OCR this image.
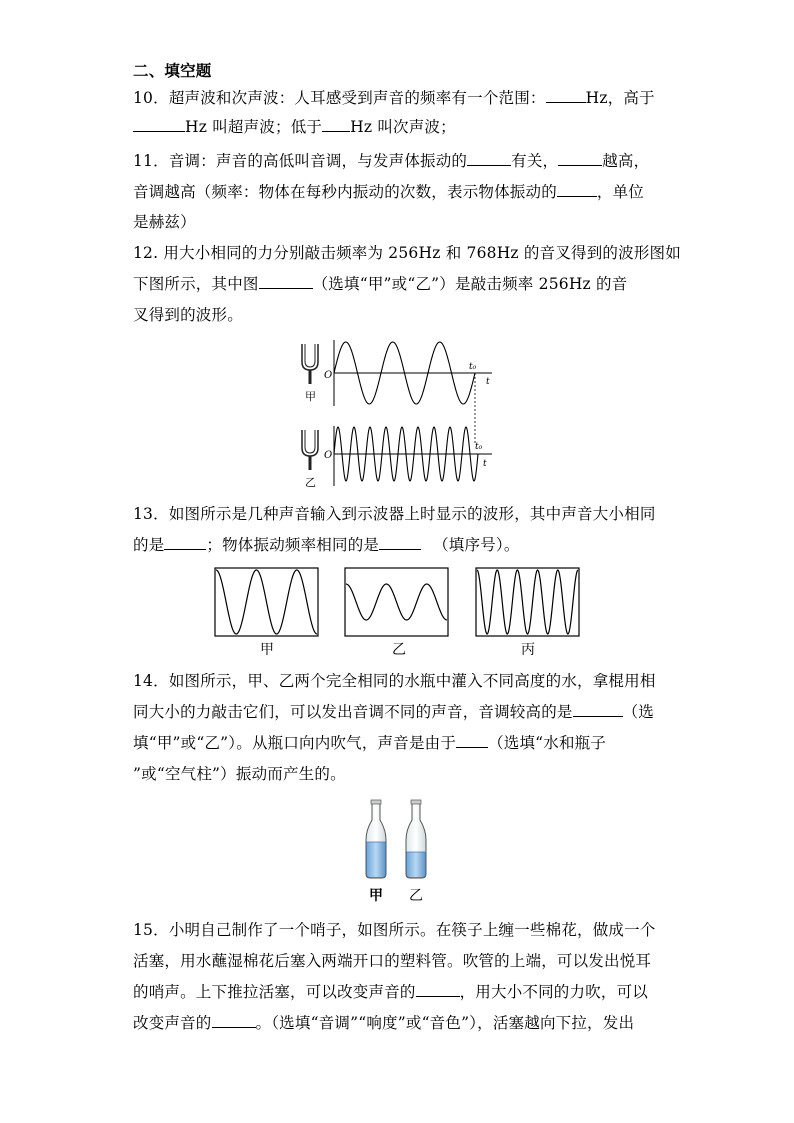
二、填空题
10．超声波和次声波：人耳感受到声音的频率有一个范围：	Hz，高于
Hz 叫超声波；低于 Hz 叫次声波；
11．音调：声音的高低叫音调，与发声体振动的	有关，	越高，
音调越高（频率：物体在每秒内振动的次数，表示物体振动的	，单位
是赫兹）
12. 用大小相同的力分别敲击频率为 256Hz 和 768Hz 的音叉得到的波形图如
下图所示，其中图	（选填“甲”或“乙”）是敲击频率 256Hz 的音
叉得到的波形。
甲
O
t₀
t
乙
O
t₀
t
13．如图所示是几种声音输入到示波器上时显示的波形，其中声音大小相同
的是	；物体振动频率相同的是	（填序号）。
甲	乙	丙
14．如图所示，甲、乙两个完全相同的水瓶中灌入不同高度的水，拿棍用相
同大小的力敲击它们，可以发出音调不同的声音，音调较高的是	（选
填“甲”或“乙”）。从瓶口向内吹气，声音是由于 （选填“水和瓶子
”或“空气柱”）振动而产生的。
甲 乙
15．小明自己制作了一个哨子，如图所示。在筷子上缠一些棉花，做成一个
活塞，用水蘸湿棉花后塞入两端开口的塑料管。吹管的上端，可以发出悦耳
的哨声。上下推拉活塞，可以改变声音的	，用大小不同的力吹，可以
改变声音的	。（选填“音调”“响度”或“音色”），活塞越向下拉，发出
